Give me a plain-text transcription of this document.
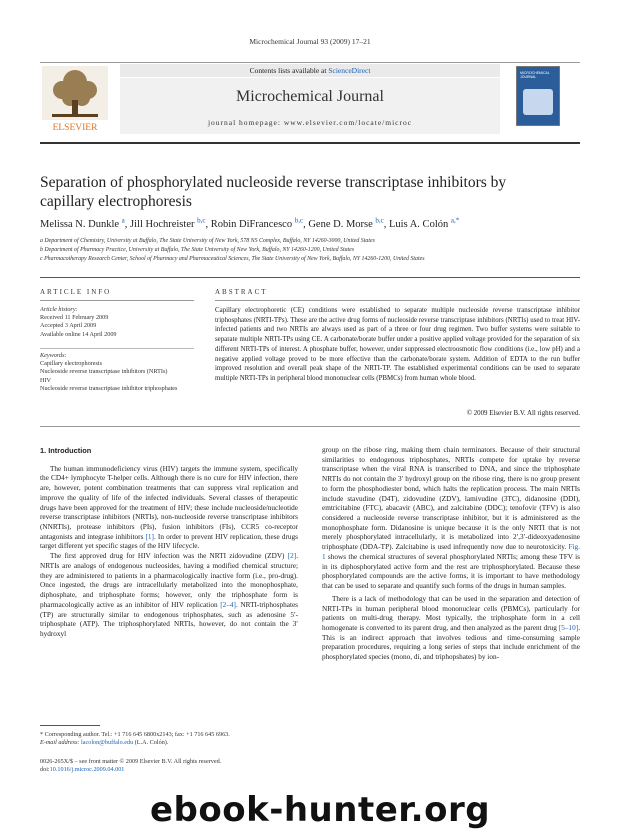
Microchemical Journal 93 (2009) 17–21
ELSEVIER
Contents lists available at ScienceDirect
Microchemical Journal
journal homepage: www.elsevier.com/locate/microc
MICROCHEMICAL JOURNAL
Separation of phosphorylated nucleoside reverse transcriptase inhibitors by capillary electrophoresis
Melissa N. Dunkle $^a$, Jill Hochreister $^{b,c}$, Robin DiFrancesco $^{b,c}$, Gene D. Morse $^{b,c}$, Luis A. Colón $^{a,*}$
a Department of Chemistry, University at Buffalo, The State University of New York, 578 NS Complex, Buffalo, NY 14260-3000, United States
b Department of Pharmacy Practice, University at Buffalo, The State University of New York, Buffalo, NY 14260-1200, United States
c Pharmacotherapy Research Center, School of Pharmacy and Pharmaceutical Sciences, The State University of New York, Buffalo, NY 14260-1200, United States
ARTICLE INFO
Article history:
Received 11 February 2009
Accepted 3 April 2009
Available online 14 April 2009
Keywords:
Capillary electrophoresis
Nucleoside reverse transcriptase inhibitors (NRTIs)
HIV
Nucleoside reverse transcriptase inhibitor triphosphates
ABSTRACT
Capillary electrophoretic (CE) conditions were established to separate multiple nucleoside reverse transcriptase inhibitor triphosphates (NRTI-TPs). These are the active drug forms of nucleoside reverse transcriptase inhibitors (NRTIs) used to treat HIV-infected patients and two NRTIs are always used as part of a three or four drug regimen. Two buffer systems were suitable to separate multiple NRTI-TPs using CE. A carbonate/borate buffer under a positive applied voltage provided for the separation of six different NRTI-TPs of interest. A phosphate buffer, however, under suppressed electroosmotic flow conditions (i.e., low pH) and a negative applied voltage proved to be more effective than the carbonate/borate system. Addition of EDTA to the run buffer improved resolution and overall peak shape of the NRTI-TP. The established experimental conditions can be used to separate multiple NRTI-TPs in peripheral blood mononuclear cells (PBMCs) from human whole blood.
© 2009 Elsevier B.V. All rights reserved.
1. Introduction

The human immunodeficiency virus (HIV) targets the immune system, specifically the CD4+ lymphocyte T-helper cells. Although there is no cure for HIV infection, there are, however, potent combination treatments that can suppress viral replication and improve the quality of life of the infected individuals. Several classes of therapeutic drugs have been approved for the treatment of HIV; these include nucleoside/nucleotide reverse transcriptase inhibitors (NRTIs), non-nucleoside reverse transcriptase inhibitors (NNRTIs), protease inhibitors (PIs), fusion inhibitors (FIs), CCR5 co-receptor antagonists and integrase inhibitors [1]. In order to prevent HIV replication, these drugs target different yet specific stages of the HIV lifecycle.

The first approved drug for HIV infection was the NRTI zidovudine (ZDV) [2]. NRTIs are analogs of endogenous nucleosides, having a modified chemical structure; they are administered to patients in a pharmacologically inactive form (i.e., pro-drug). Once ingested, the drugs are intracellularly metabolized into the monophosphate, diphosphate, and triphosphate forms; however, only the triphosphate form is pharmacologically active as an inhibitor of HIV replication [2–4]. NRTI-triphosphates (TP) are structurally similar to endogenous triphosphates, such as adenosine 5′-triphosphate (ATP). The triphosphorylated NRTIs, however, do not contain the 3′ hydroxyl

group on the ribose ring, making them chain terminators. Because of their structural similarities to endogenous triphosphates, NRTIs compete for uptake by reverse transcriptase when the viral RNA is transcribed to DNA, and since the triphosphate NRTIs do not contain the 3′ hydroxyl group on the ribose ring, there is no group present to form the phosphodiester bond, which halts the replication process. The main NRTIs include stavudine (D4T), zidovudine (ZDV), lamivudine (3TC), didanosine (DDI), emtricitabine (FTC), abacavir (ABC), and zalcitabine (DDC); tenofovir (TFV) is also considered a nucleoside reverse transcriptase inhibitor, but it is administered as the monophosphate form. Didanosine is unique because it is the only NRTI that is not merely phosphorylated intracellularly, it is metabolized into 2′,3′-dideoxyadenosine triphosphate (DDA-TP). Zalcitabine is used infrequently now due to neurotoxicity. Fig. 1 shows the chemical structures of several phosphorylated NRTIs; among these TFV is in its diphosphorylated active form and the rest are triphosphorylated. Because these phosphorylated compounds are the active forms, it is important to have methodology that can be used to separate and quantify such forms of the drugs in human samples.

There is a lack of methodology that can be used in the separation and detection of NRTI-TPs in human peripheral blood mononuclear cells (PBMCs), particularly for patients on multi-drug therapy. Most typically, the triphosphate form in a cell homogenate is converted to its parent drug, and then analyzed as the parent drug [5–10]. This is an indirect approach that involves tedious and time-consuming sample preparation procedures, requiring a long series of steps that include enrichment of the phosphorylated species (mono, di, and triphopshates) by ion-

* Corresponding author. Tel.: +1 716 645 6800x2143; fax: +1 716 645 6963.
E-mail address: lacolon@buffalo.edu (L.A. Colón).
0026-265X/$ – see front matter © 2009 Elsevier B.V. All rights reserved.
doi:10.1016/j.microc.2009.04.001
ebook-hunter.org
